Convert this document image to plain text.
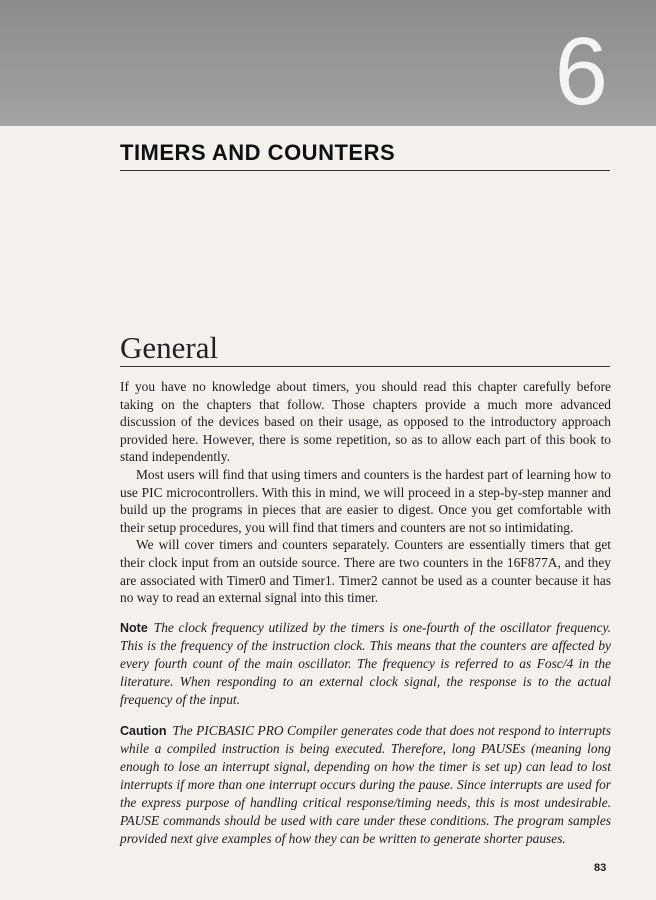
6
TIMERS AND COUNTERS
General

If you have no knowledge about timers, you should read this chapter carefully before taking on the chapters that follow. Those chapters provide a much more advanced discussion of the devices based on their usage, as opposed to the introductory approach provided here. However, there is some repetition, so as to allow each part of this book to stand independently.

Most users will find that using timers and counters is the hardest part of learning how to use PIC microcontrollers. With this in mind, we will proceed in a step-by-step manner and build up the programs in pieces that are easier to digest. Once you get comfortable with their setup procedures, you will find that timers and counters are not so intimidating.

We will cover timers and counters separately. Counters are essentially timers that get their clock input from an outside source. There are two counters in the 16F877A, and they are associated with Timer0 and Timer1. Timer2 cannot be used as a counter because it has no way to read an external signal into this timer.

Note The clock frequency utilized by the timers is one-fourth of the oscillator frequency. This is the frequency of the instruction clock. This means that the counters are affected by every fourth count of the main oscillator. The frequency is referred to as Fosc/4 in the literature. When responding to an external clock signal, the response is to the actual frequency of the input.

Caution The PICBASIC PRO Compiler generates code that does not respond to interrupts while a compiled instruction is being executed. Therefore, long PAUSEs (meaning long enough to lose an interrupt signal, depending on how the timer is set up) can lead to lost interrupts if more than one interrupt occurs during the pause. Since interrupts are used for the express purpose of handling critical response/timing needs, this is most undesirable. PAUSE commands should be used with care under these conditions. The program samples provided next give examples of how they can be written to generate shorter pauses.

83
